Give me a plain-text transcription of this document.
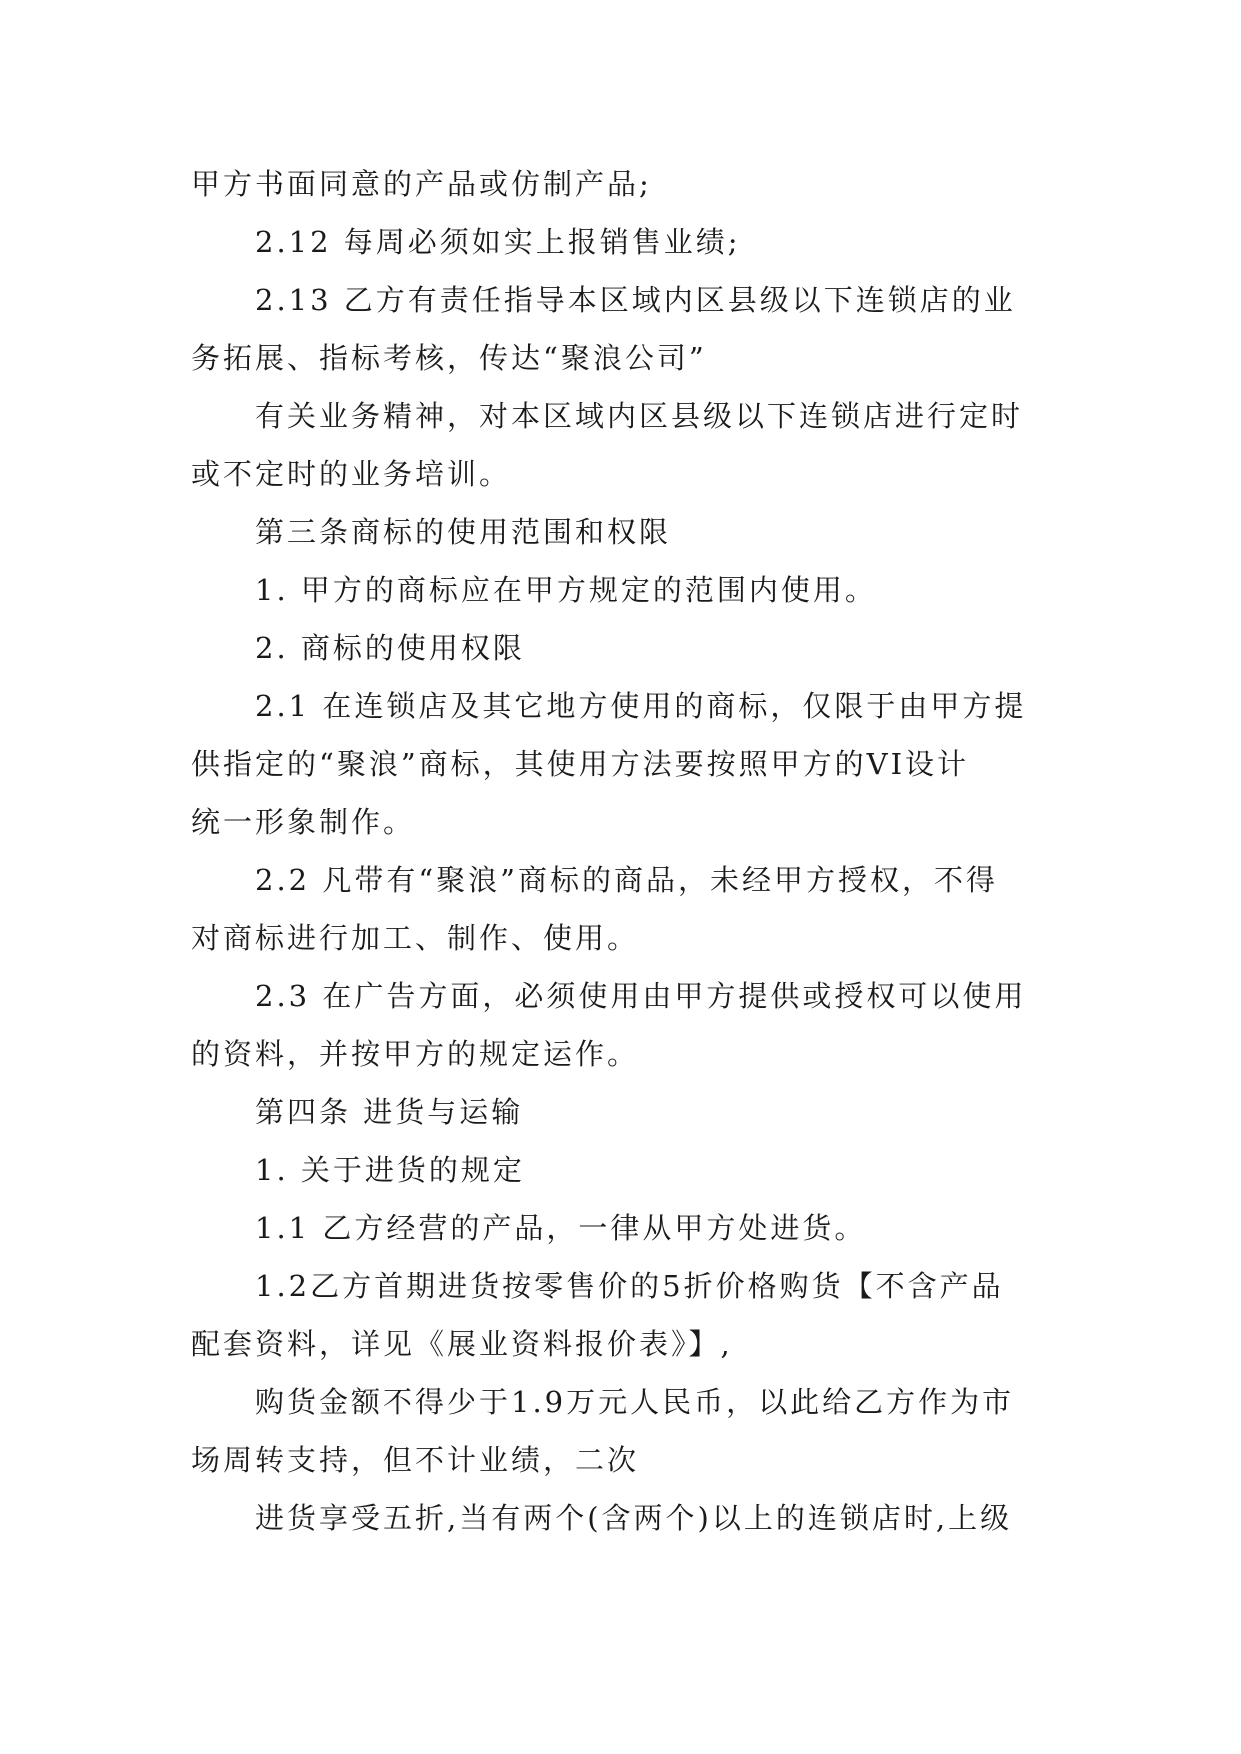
甲方书面同意的产品或仿制产品;
2.12 每周必须如实上报销售业绩;
2.13 乙方有责任指导本区域内区县级以下连锁店的业
务拓展、指标考核，传达“聚浪公司”
有关业务精神，对本区域内区县级以下连锁店进行定时
或不定时的业务培训。
第三条商标的使用范围和权限
1. 甲方的商标应在甲方规定的范围内使用。
2. 商标的使用权限
2.1 在连锁店及其它地方使用的商标，仅限于由甲方提
供指定的“聚浪”商标，其使用方法要按照甲方的VI设计
统一形象制作。
2.2 凡带有“聚浪”商标的商品，未经甲方授权，不得
对商标进行加工、制作、使用。
2.3 在广告方面，必须使用由甲方提供或授权可以使用
的资料，并按甲方的规定运作。
第四条 进货与运输
1. 关于进货的规定
1.1 乙方经营的产品，一律从甲方处进货。
1.2乙方首期进货按零售价的5折价格购货【不含产品
配套资料，详见《展业资料报价表》】,
购货金额不得少于1.9万元人民币，以此给乙方作为市
场周转支持，但不计业绩，二次
进货享受五折,当有两个(含两个)以上的连锁店时,上级
